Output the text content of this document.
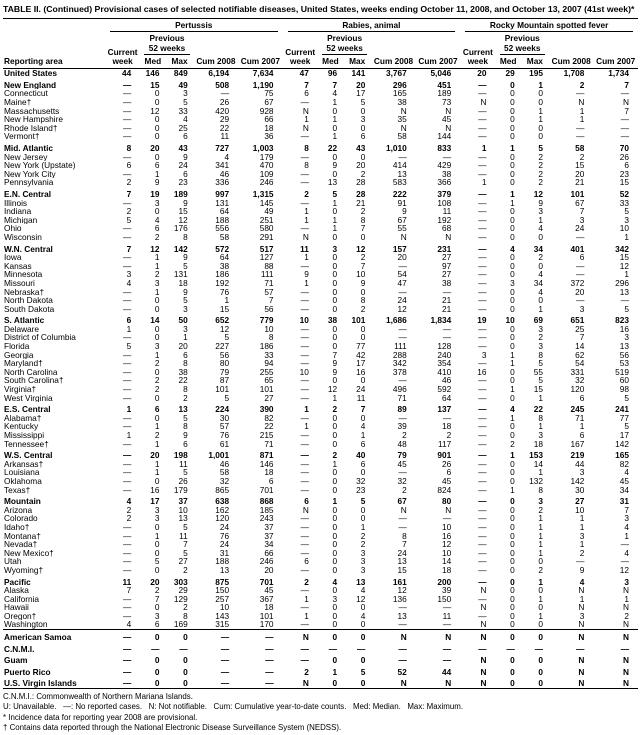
TABLE II. (Continued) Provisional cases of selected notifiable diseases, United States, weeks ending October 11, 2008, and October 13, 2007 (41st week)*
Reporting area	Pertussis					Rabies, animal					Rocky Mountain spotted fever				

	Current week	Previous 52 weeks		Cum 2008	Cum 2007	Current week	Previous 52 weeks		Cum 2008	Cum 2007	Current week	Previous 52 weeks		Cum 2008	Cum 2007
		Med	Max				Med	Max				Med	Max		
United States	44	146	849	6,194	7,634	47	96	141	3,767	5,046	20	29	195	1,708	1,734
New England	—	15	49	508	1,190	7	7	20	296	451	—	0	1	2	7
Connecticut	—	0	3	—	75	6	4	17	165	189	—	0	0	—	—
Maine†	—	0	5	26	67	—	1	5	38	73	N	0	0	N	N
Massachusetts	—	12	33	420	928	N	0	0	N	N	—	0	1	1	7
New Hampshire	—	0	4	29	66	1	1	3	35	45	—	0	1	1	—
Rhode Island†	—	0	25	22	18	N	0	0	N	N	—	0	0	—	—
Vermont†	—	0	6	11	36	—	1	6	58	144	—	0	0	—	—
Mid. Atlantic	8	20	43	727	1,003	8	22	43	1,010	833	1	1	5	58	70
New Jersey	—	0	9	4	179	—	0	0	—	—	—	0	2	2	26
New York (Upstate)	6	6	24	341	470	8	9	20	414	429	—	0	2	15	6
New York City	—	1	6	46	109	—	0	2	13	38	—	0	2	20	23
Pennsylvania	2	9	23	336	246	—	13	28	583	366	1	0	2	21	15
E.N. Central	7	19	189	997	1,315	2	5	28	222	379	—	1	12	101	52
Illinois	—	3	9	131	145	—	1	21	91	108	—	1	9	67	33
Indiana	2	0	15	64	49	1	0	2	9	11	—	0	3	7	5
Michigan	5	4	12	188	251	1	1	8	67	192	—	0	1	3	3
Ohio	—	6	176	556	580	—	1	7	55	68	—	0	4	24	10
Wisconsin	—	2	8	58	291	N	0	0	N	N	—	0	0	—	1
W.N. Central	7	12	142	572	517	11	3	12	157	231	—	4	34	401	342
Iowa	—	1	9	64	127	1	0	2	20	27	—	0	2	6	15
Kansas	—	1	5	38	88	—	0	7	—	97	—	0	0	—	12
Minnesota	3	2	131	186	111	9	0	10	54	27	—	0	4	—	1
Missouri	4	3	18	192	71	1	0	9	47	38	—	3	34	372	296
Nebraska†	—	1	9	76	57	—	0	0	—	—	—	0	4	20	13
North Dakota	—	0	5	1	7	—	0	8	24	21	—	0	0	—	—
South Dakota	—	0	3	15	56	—	0	2	12	21	—	0	1	3	5
S. Atlantic	6	14	50	652	779	10	38	101	1,686	1,834	19	10	69	651	823
Delaware	1	0	3	12	10	—	0	0	—	—	—	0	3	25	16
District of Columbia	—	0	1	5	8	—	0	0	—	—	—	0	2	7	3
Florida	5	3	20	227	186	—	0	77	111	128	—	0	3	14	13
Georgia	—	1	6	56	33	—	7	42	288	240	3	1	8	62	56
Maryland†	—	2	8	80	94	—	9	17	342	354	—	1	5	54	53
North Carolina	—	0	38	79	255	10	9	16	378	410	16	0	55	331	519
South Carolina†	—	2	22	87	65	—	0	0	—	46	—	0	5	32	60
Virginia†	—	2	8	101	101	—	12	24	496	592	—	1	15	120	98
West Virginia	—	0	2	5	27	—	1	11	71	64	—	0	1	6	5
E.S. Central	1	6	13	224	390	1	2	7	89	137	—	4	22	245	241
Alabama†	—	0	5	30	82	—	0	0	—	—	—	1	8	71	77
Kentucky	—	1	8	57	22	1	0	4	39	18	—	0	1	1	5
Mississippi	1	2	9	76	215	—	0	1	2	2	—	0	3	6	17
Tennessee†	—	1	6	61	71	—	0	6	48	117	—	2	18	167	142
W.S. Central	—	20	198	1,001	871	—	2	40	79	901	—	1	153	219	165
Arkansas†	—	1	11	46	146	—	1	6	45	26	—	0	14	44	82
Louisiana	—	1	5	58	18	—	0	0	—	6	—	0	1	3	4
Oklahoma	—	0	26	32	6	—	0	32	32	45	—	0	132	142	45
Texas†	—	16	179	865	701	—	0	23	2	824	—	1	8	30	34
Mountain	4	17	37	638	868	6	1	5	67	80	—	0	3	27	31
Arizona	2	3	10	162	185	N	0	0	N	N	—	0	2	10	7
Colorado	2	3	13	120	243	—	0	0	—	—	—	0	1	1	3
Idaho†	—	0	5	24	37	—	0	1	—	10	—	0	1	1	4
Montana†	—	1	11	76	37	—	0	2	8	16	—	0	1	3	1
Nevada†	—	0	7	24	34	—	0	2	7	12	—	0	1	1	—
New Mexico†	—	0	5	31	66	—	0	3	24	10	—	0	1	2	4
Utah	—	5	27	188	246	6	0	3	13	14	—	0	0	—	—
Wyoming†	—	0	2	13	20	—	0	3	15	18	—	0	2	9	12
Pacific	11	20	303	875	701	2	4	13	161	200	—	0	1	4	3
Alaska	7	2	29	150	45	—	0	4	12	39	N	0	0	N	N
California	—	7	129	257	367	1	3	12	136	150	—	0	1	1	1
Hawaii	—	0	2	10	18	—	0	0	—	—	N	0	0	N	N
Oregon†	—	3	8	143	101	1	0	4	13	11	—	0	1	3	2
Washington	4	6	169	315	170	—	0	0	—	—	N	0	0	N	N
American Samoa	—	0	0	—	—	N	0	0	N	N	N	0	0	N	N
C.N.M.I.	—	—	—	—	—	—	—	—	—	—	—	—	—	—	—
Guam	—	0	0	—	—	—	0	0	—	—	N	0	0	N	N
Puerto Rico	—	0	0	—	—	2	1	5	52	44	N	0	0	N	N
U.S. Virgin Islands	—	0	0	—	—	N	0	0	N	N	N	0	0	N	N
C.N.M.I.: Commonwealth of Northern Mariana Islands.
U: Unavailable.   —: No reported cases.   N: Not notifiable.   Cum: Cumulative year-to-date counts.   Med: Median.   Max: Maximum.
* Incidence data for reporting year 2008 are provisional.
† Contains data reported through the National Electronic Disease Surveillance System (NEDSS).
